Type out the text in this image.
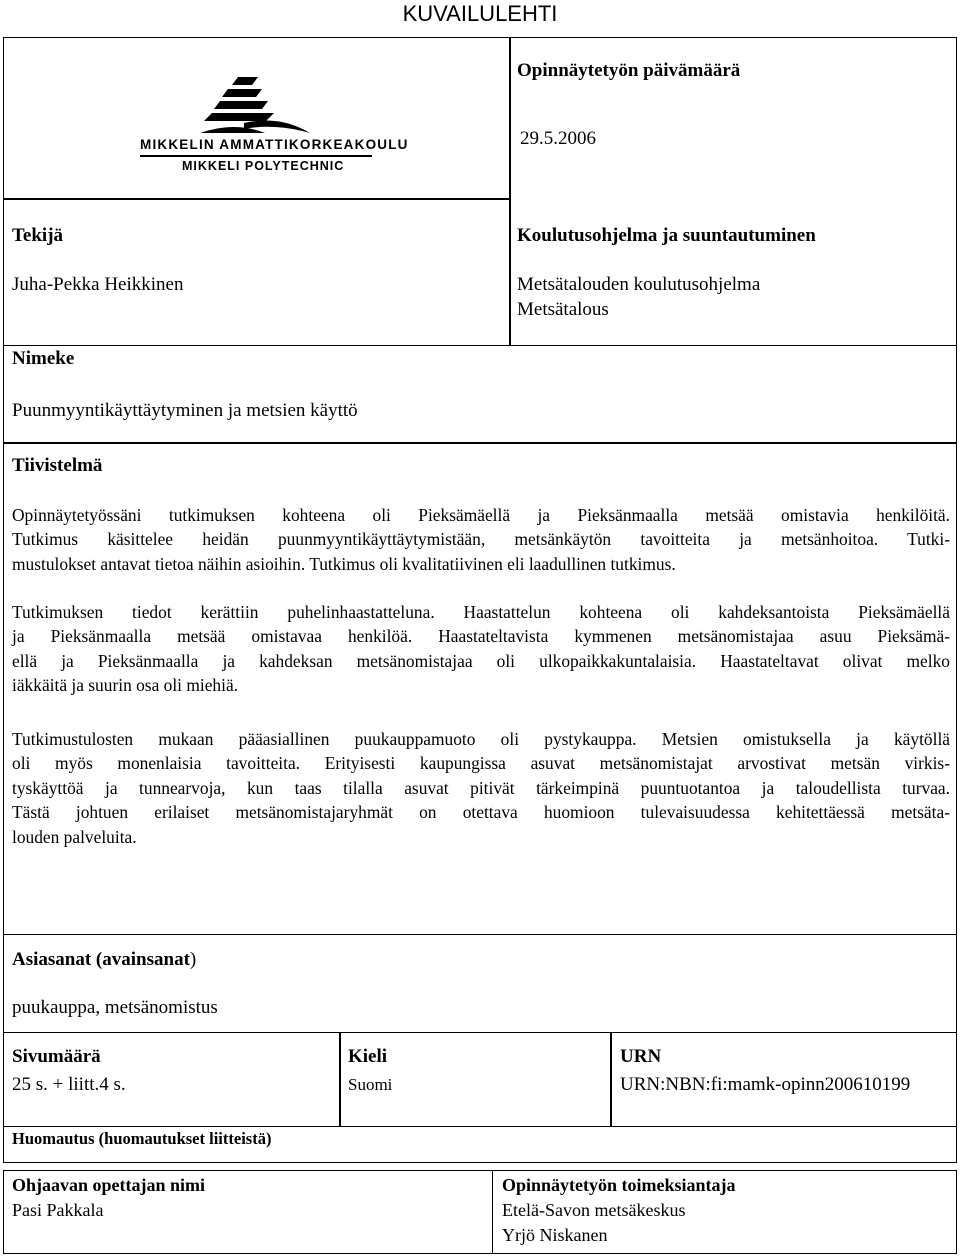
KUVAILULEHTI
MIKKELIN AMMATTIKORKEAKOULU
MIKKELI POLYTECHNIC
Opinnäytetyön päivämäärä
29.5.2006
Tekijä
Juha-Pekka Heikkinen
Koulutusohjelma ja suuntautuminen
Metsätalouden koulutusohjelma
Metsätalous
Nimeke
Puunmyyntikäyttäytyminen ja metsien käyttö
Tiivistelmä
Opinnäytetyössäni tutkimuksen kohteena oli Pieksämäellä ja Pieksänmaalla metsää omistavia henkilöitä.
Tutkimus käsittelee heidän puunmyyntikäyttäytymistään, metsänkäytön tavoitteita ja metsänhoitoa. Tutki-
mustulokset antavat tietoa näihin asioihin. Tutkimus oli kvalitatiivinen eli laadullinen tutkimus.
Tutkimuksen tiedot kerättiin puhelinhaastatteluna. Haastattelun kohteena oli kahdeksantoista Pieksämäellä
ja Pieksänmaalla metsää omistavaa henkilöä. Haastateltavista kymmenen metsänomistajaa asuu Pieksämä-
ellä ja Pieksänmaalla ja kahdeksan metsänomistajaa oli ulkopaikkakuntalaisia. Haastateltavat olivat melko
iäkkäitä ja suurin osa oli miehiä.
Tutkimustulosten mukaan pääasiallinen puukauppamuoto oli pystykauppa. Metsien omistuksella ja käytöllä
oli myös monenlaisia tavoitteita. Erityisesti kaupungissa asuvat metsänomistajat arvostivat metsän virkis-
tyskäyttöä ja tunnearvoja, kun taas tilalla asuvat pitivät tärkeimpinä puuntuotantoa ja taloudellista turvaa.
Tästä johtuen erilaiset metsänomistajaryhmät on otettava huomioon tulevaisuudessa kehitettäessä metsäta-
louden palveluita.
Asiasanat (avainsanat)
puukauppa, metsänomistus
Sivumäärä
25 s. + liitt.4 s.
Kieli
Suomi
URN
URN:NBN:fi:mamk-opinn200610199
Huomautus (huomautukset liitteistä)
Ohjaavan opettajan nimi
Pasi Pakkala
Opinnäytetyön toimeksiantaja
Etelä-Savon metsäkeskus
Yrjö Niskanen
